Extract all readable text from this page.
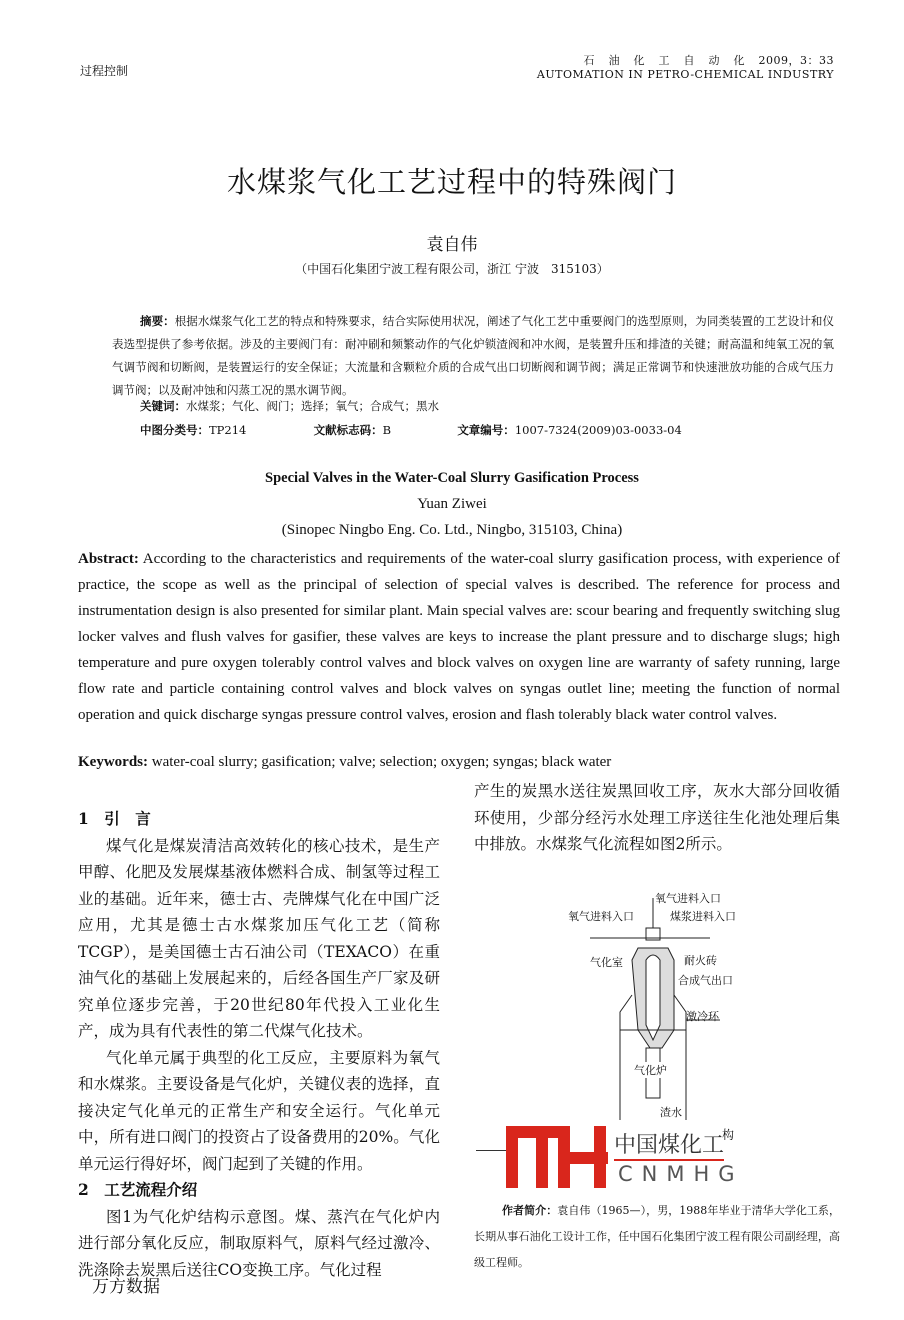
过程控制
石油化工自动化2009，3：33
AUTOMATION IN PETRO-CHEMICAL INDUSTRY
水煤浆气化工艺过程中的特殊阀门
袁自伟
（中国石化集团宁波工程有限公司，浙江 宁波　315103）
摘要：根据水煤浆气化工艺的特点和特殊要求，结合实际使用状况，阐述了气化工艺中重要阀门的选型原则，为同类装置的工艺设计和仪表选型提供了参考依据。涉及的主要阀门有：耐冲刷和频繁动作的气化炉锁渣阀和冲水阀，是装置升压和排渣的关键；耐高温和纯氧工况的氧气调节阀和切断阀，是装置运行的安全保证；大流量和含颗粒介质的合成气出口切断阀和调节阀；满足正常调节和快速泄放功能的合成气压力调节阀；以及耐冲蚀和闪蒸工况的黑水调节阀。
关键词：水煤浆；气化、阀门；选择；氧气；合成气；黑水
中图分类号：TP214	文献标志码：B	文章编号：1007-7324(2009)03-0033-04
Special Valves in the Water-Coal Slurry Gasification Process
Yuan Ziwei
(Sinopec Ningbo Eng. Co. Ltd., Ningbo, 315103, China)
Abstract: According to the characteristics and requirements of the water-coal slurry gasification process, with experience of practice, the scope as well as the principal of selection of special valves is described. The reference for process and instrumentation design is also presented for similar plant. Main special valves are: scour bearing and frequently switching slug locker valves and flush valves for gasifier, these valves are keys to increase the plant pressure and to discharge slugs; high temperature and pure oxygen tolerably control valves and block valves on oxygen line are warranty of safety running, large flow rate and particle containing control valves and block valves on syngas outlet line; meeting the function of normal operation and quick discharge syngas pressure control valves, erosion and flash tolerably black water control valves.
Keywords: water-coal slurry; gasification; valve; selection; oxygen; syngas; black water

1　引　言

煤气化是煤炭清洁高效转化的核心技术，是生产甲醇、化肥及发展煤基液体燃料合成、制氢等过程工业的基础。近年来，德士古、壳牌煤气化在中国广泛应用，尤其是德士古水煤浆加压气化工艺（简称TCGP），是美国德士古石油公司（TEXACO）在重油气化的基础上发展起来的，后经各国生产厂家及研究单位逐步完善，于20世纪80年代投入工业化生产，成为具有代表性的第二代煤气化技术。

气化单元属于典型的化工反应，主要原料为氧气和水煤浆。主要设备是气化炉，关键仪表的选择，直接决定气化单元的正常生产和安全运行。气化单元中，所有进口阀门的投资占了设备费用的20%。气化单元运行得好坏，阀门起到了关键的作用。

2　工艺流程介绍

图1为气化炉结构示意图。煤、蒸汽在气化炉内进行部分氧化反应，制取原料气，原料气经过激冷、洗涤除去炭黑后送往CO变换工序。气化过程

产生的炭黑水送往炭黑回收工序，灰水大部分回收循环使用，少部分经污水处理工序送往生化池处理后集中排放。水煤浆气化流程如图2所示。

氧气进料入口
氧气进料入口	煤浆进料入口
气化室	耐火砖
合成气出口
激冷环
气化炉
渣水
中国煤化工
CNMHG
构
作者简介：袁自伟（1965—），男，1988年毕业于清华大学化工系，长期从事石油化工设计工作，任中国石化集团宁波工程有限公司副经理，高级工程师。
万方数据
